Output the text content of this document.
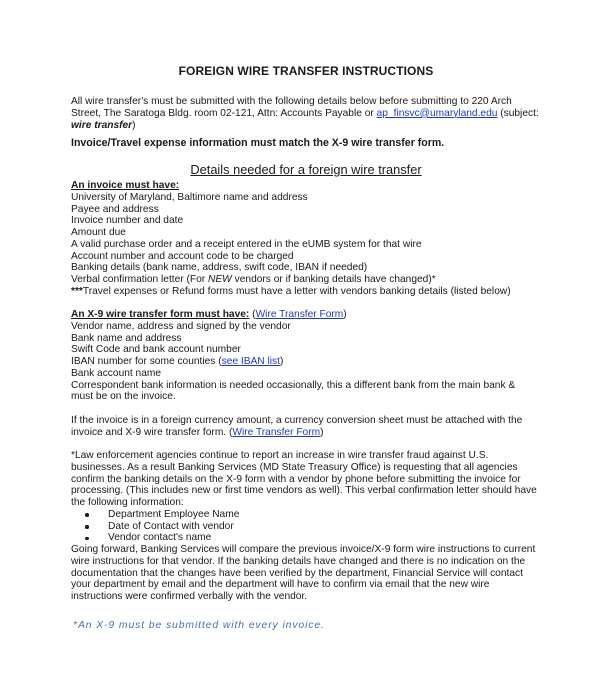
FOREIGN WIRE TRANSFER INSTRUCTIONS
All wire transfer's must be submitted with the following details below before submitting to 220 Arch Street, The Saratoga Bldg. room 02-121, Attn: Accounts Payable or ap_finsvc@umaryland.edu (subject: wire transfer)
Invoice/Travel expense information must match the X-9 wire transfer form.
Details needed for a foreign wire transfer
An invoice must have:
University of Maryland, Baltimore name and address
Payee and address
Invoice number and date
Amount due
A valid purchase order and a receipt entered in the eUMB system for that wire
Account number and account code to be charged
Banking details (bank name, address, swift code, IBAN if needed)
Verbal confirmation letter (For NEW vendors or if banking details have changed)*
***Travel expenses or Refund forms must have a letter with vendors banking details (listed below)
An X-9 wire transfer form must have: (Wire Transfer Form)
Vendor name, address and signed by the vendor
Bank name and address
Swift Code and bank account number
IBAN number for some counties (see IBAN list)
Bank account name
Correspondent bank information is needed occasionally, this a different bank from the main bank &
must be on the invoice.
If the invoice is in a foreign currency amount, a currency conversion sheet must be attached with the
invoice and X-9 wire transfer form. (Wire Transfer Form)
*Law enforcement agencies continue to report an increase in wire transfer fraud against U.S.
businesses. As a result Banking Services (MD State Treasury Office) is requesting that all agencies
confirm the banking details on the X-9 form with a vendor by phone before submitting the invoice for
processing. (This includes new or first time vendors as well). This verbal confirmation letter should have
the following information:
Department Employee Name
Date of Contact with vendor
Vendor contact's name
Going forward, Banking Services will compare the previous invoice/X-9 form wire instructions to current
wire instructions for that vendor. If the banking details have changed and there is no indication on the
documentation that the changes have been verified by the department, Financial Service will contact
your department by email and the department will have to confirm via email that the new wire
instructions were confirmed verbally with the vendor.
*An X-9 must be submitted with every invoice.
